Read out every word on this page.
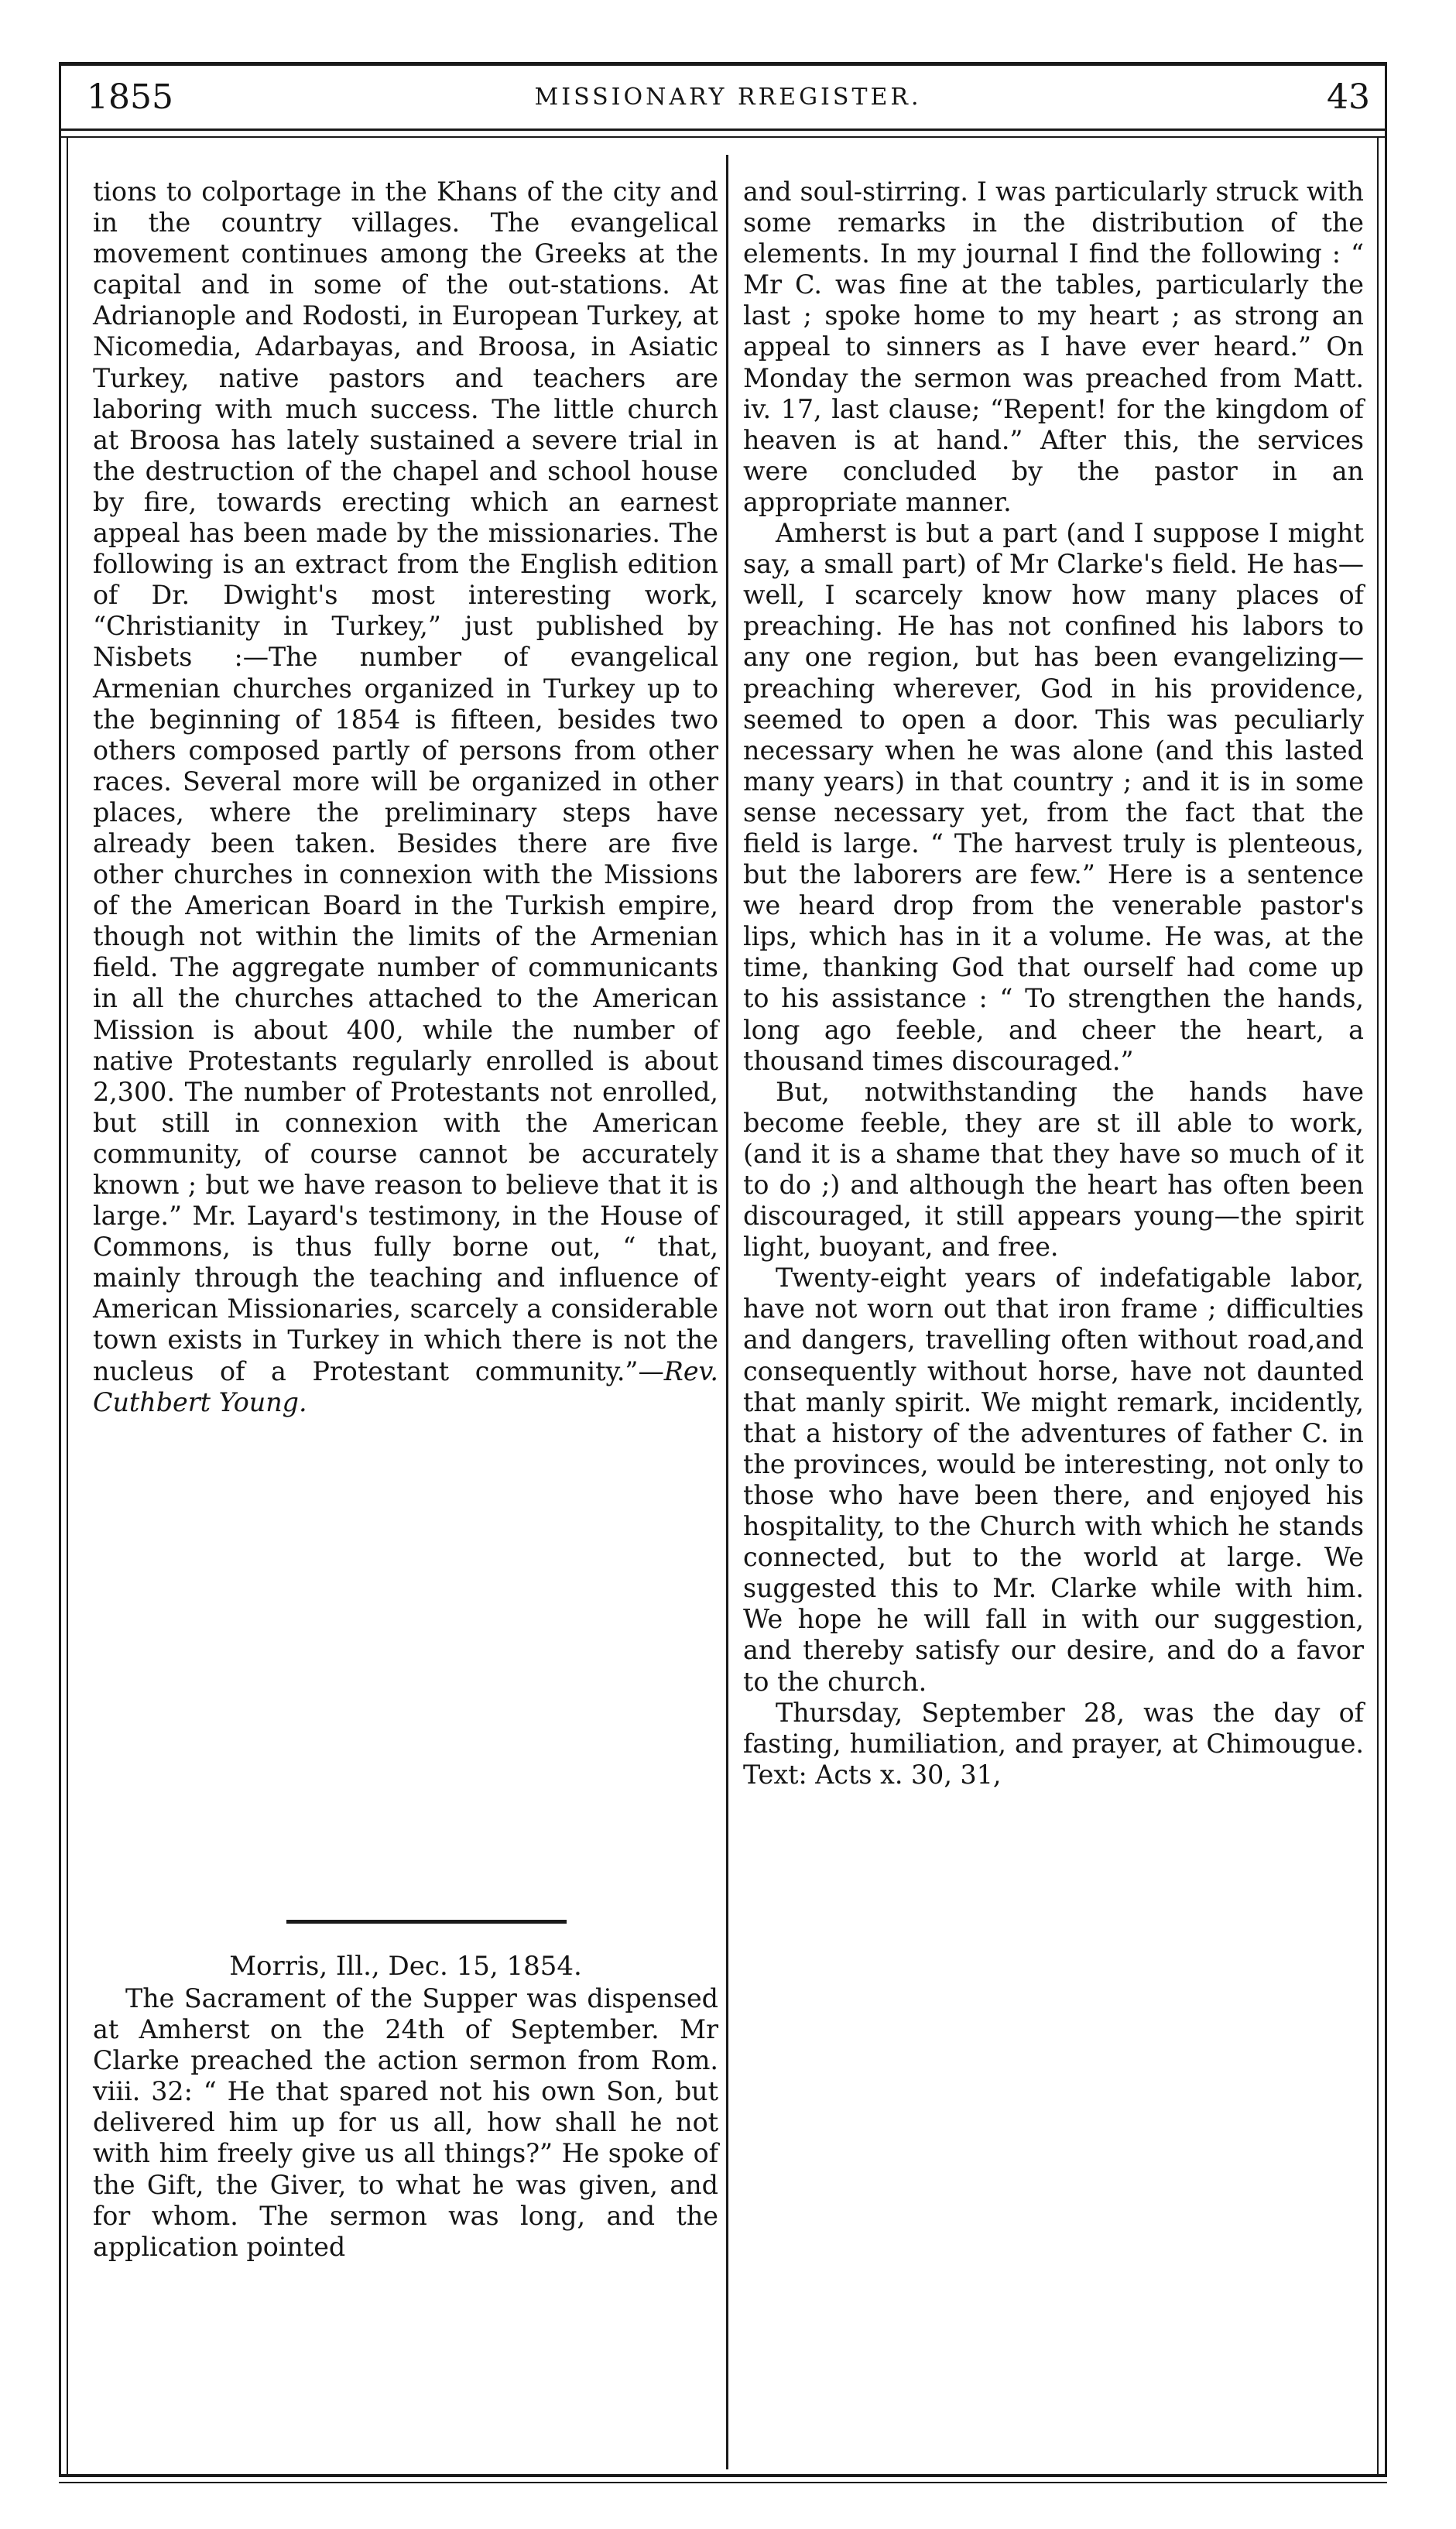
1855	MISSIONARY RREGISTER.	43

tions to colportage in the Khans of the city and in the country villages. The evangelical movement continues among the Greeks at the capital and in some of the out-stations. At Adrianople and Rodosti, in European Turkey, at Nicomedia, Adarbayas, and Broosa, in Asiatic Turkey, native pastors and teachers are laboring with much success. The little church at Broosa has lately sustained a severe trial in the destruction of the chapel and school house by fire, towards erecting which an earnest appeal has been made by the missionaries. The following is an extract from the English edition of Dr. Dwight's most interesting work, “Christianity in Turkey,” just published by Nisbets :—The number of evangelical Armenian churches organized in Turkey up to the beginning of 1854 is fifteen, besides two others composed partly of persons from other races. Several more will be organized in other places, where the preliminary steps have already been taken. Besides there are five other churches in connexion with the Missions of the American Board in the Turkish empire, though not within the limits of the Armenian field. The aggregate number of communicants in all the churches attached to the American Mission is about 400, while the number of native Protestants regularly enrolled is about 2,300. The number of Protestants not enrolled, but still in connexion with the American community, of course cannot be accurately known ; but we have reason to believe that it is large.” Mr. Layard's testimony, in the House of Commons, is thus fully borne out, “ that, mainly through the teaching and influence of American Missionaries, scarcely a considerable town exists in Turkey in which there is not the nucleus of a Protestant community.”—Rev. Cuthbert Young.

Morris, Ill., Dec. 15, 1854.

The Sacrament of the Supper was dispensed at Amherst on the 24th of September. Mr Clarke preached the action sermon from Rom. viii. 32: “ He that spared not his own Son, but delivered him up for us all, how shall he not with him freely give us all things?” He spoke of the Gift, the Giver, to what he was given, and for whom. The sermon was long, and the application pointed

and soul-stirring. I was particularly struck with some remarks in the distribution of the elements. In my journal I find the following : “ Mr C. was fine at the tables, particularly the last ; spoke home to my heart ; as strong an appeal to sinners as I have ever heard.” On Monday the sermon was preached from Matt. iv. 17, last clause; “Repent! for the kingdom of heaven is at hand.” After this, the services were concluded by the pastor in an appropriate manner.

Amherst is but a part (and I suppose I might say, a small part) of Mr Clarke's field. He has—well, I scarcely know how many places of preaching. He has not confined his labors to any one region, but has been evangelizing—preaching wherever, God in his providence, seemed to open a door. This was peculiarly necessary when he was alone (and this lasted many years) in that country ; and it is in some sense necessary yet, from the fact that the field is large. “ The harvest truly is plenteous, but the laborers are few.” Here is a sentence we heard drop from the venerable pastor's lips, which has in it a volume. He was, at the time, thanking God that ourself had come up to his assistance : “ To strengthen the hands, long ago feeble, and cheer the heart, a thousand times discouraged.”

But, notwithstanding the hands have become feeble, they are st ill able to work, (and it is a shame that they have so much of it to do ;) and although the heart has often been discouraged, it still appears young—the spirit light, buoyant, and free.

Twenty-eight years of indefatigable labor, have not worn out that iron frame ; difficulties and dangers, travelling often without road,and consequently without horse, have not daunted that manly spirit. We might remark, incidently, that a history of the adventures of father C. in the provinces, would be interesting, not only to those who have been there, and enjoyed his hospitality, to the Church with which he stands connected, but to the world at large. We suggested this to Mr. Clarke while with him. We hope he will fall in with our suggestion, and thereby satisfy our desire, and do a favor to the church.

Thursday, September 28, was the day of fasting, humiliation, and prayer, at Chimougue. Text: Acts x. 30, 31,
